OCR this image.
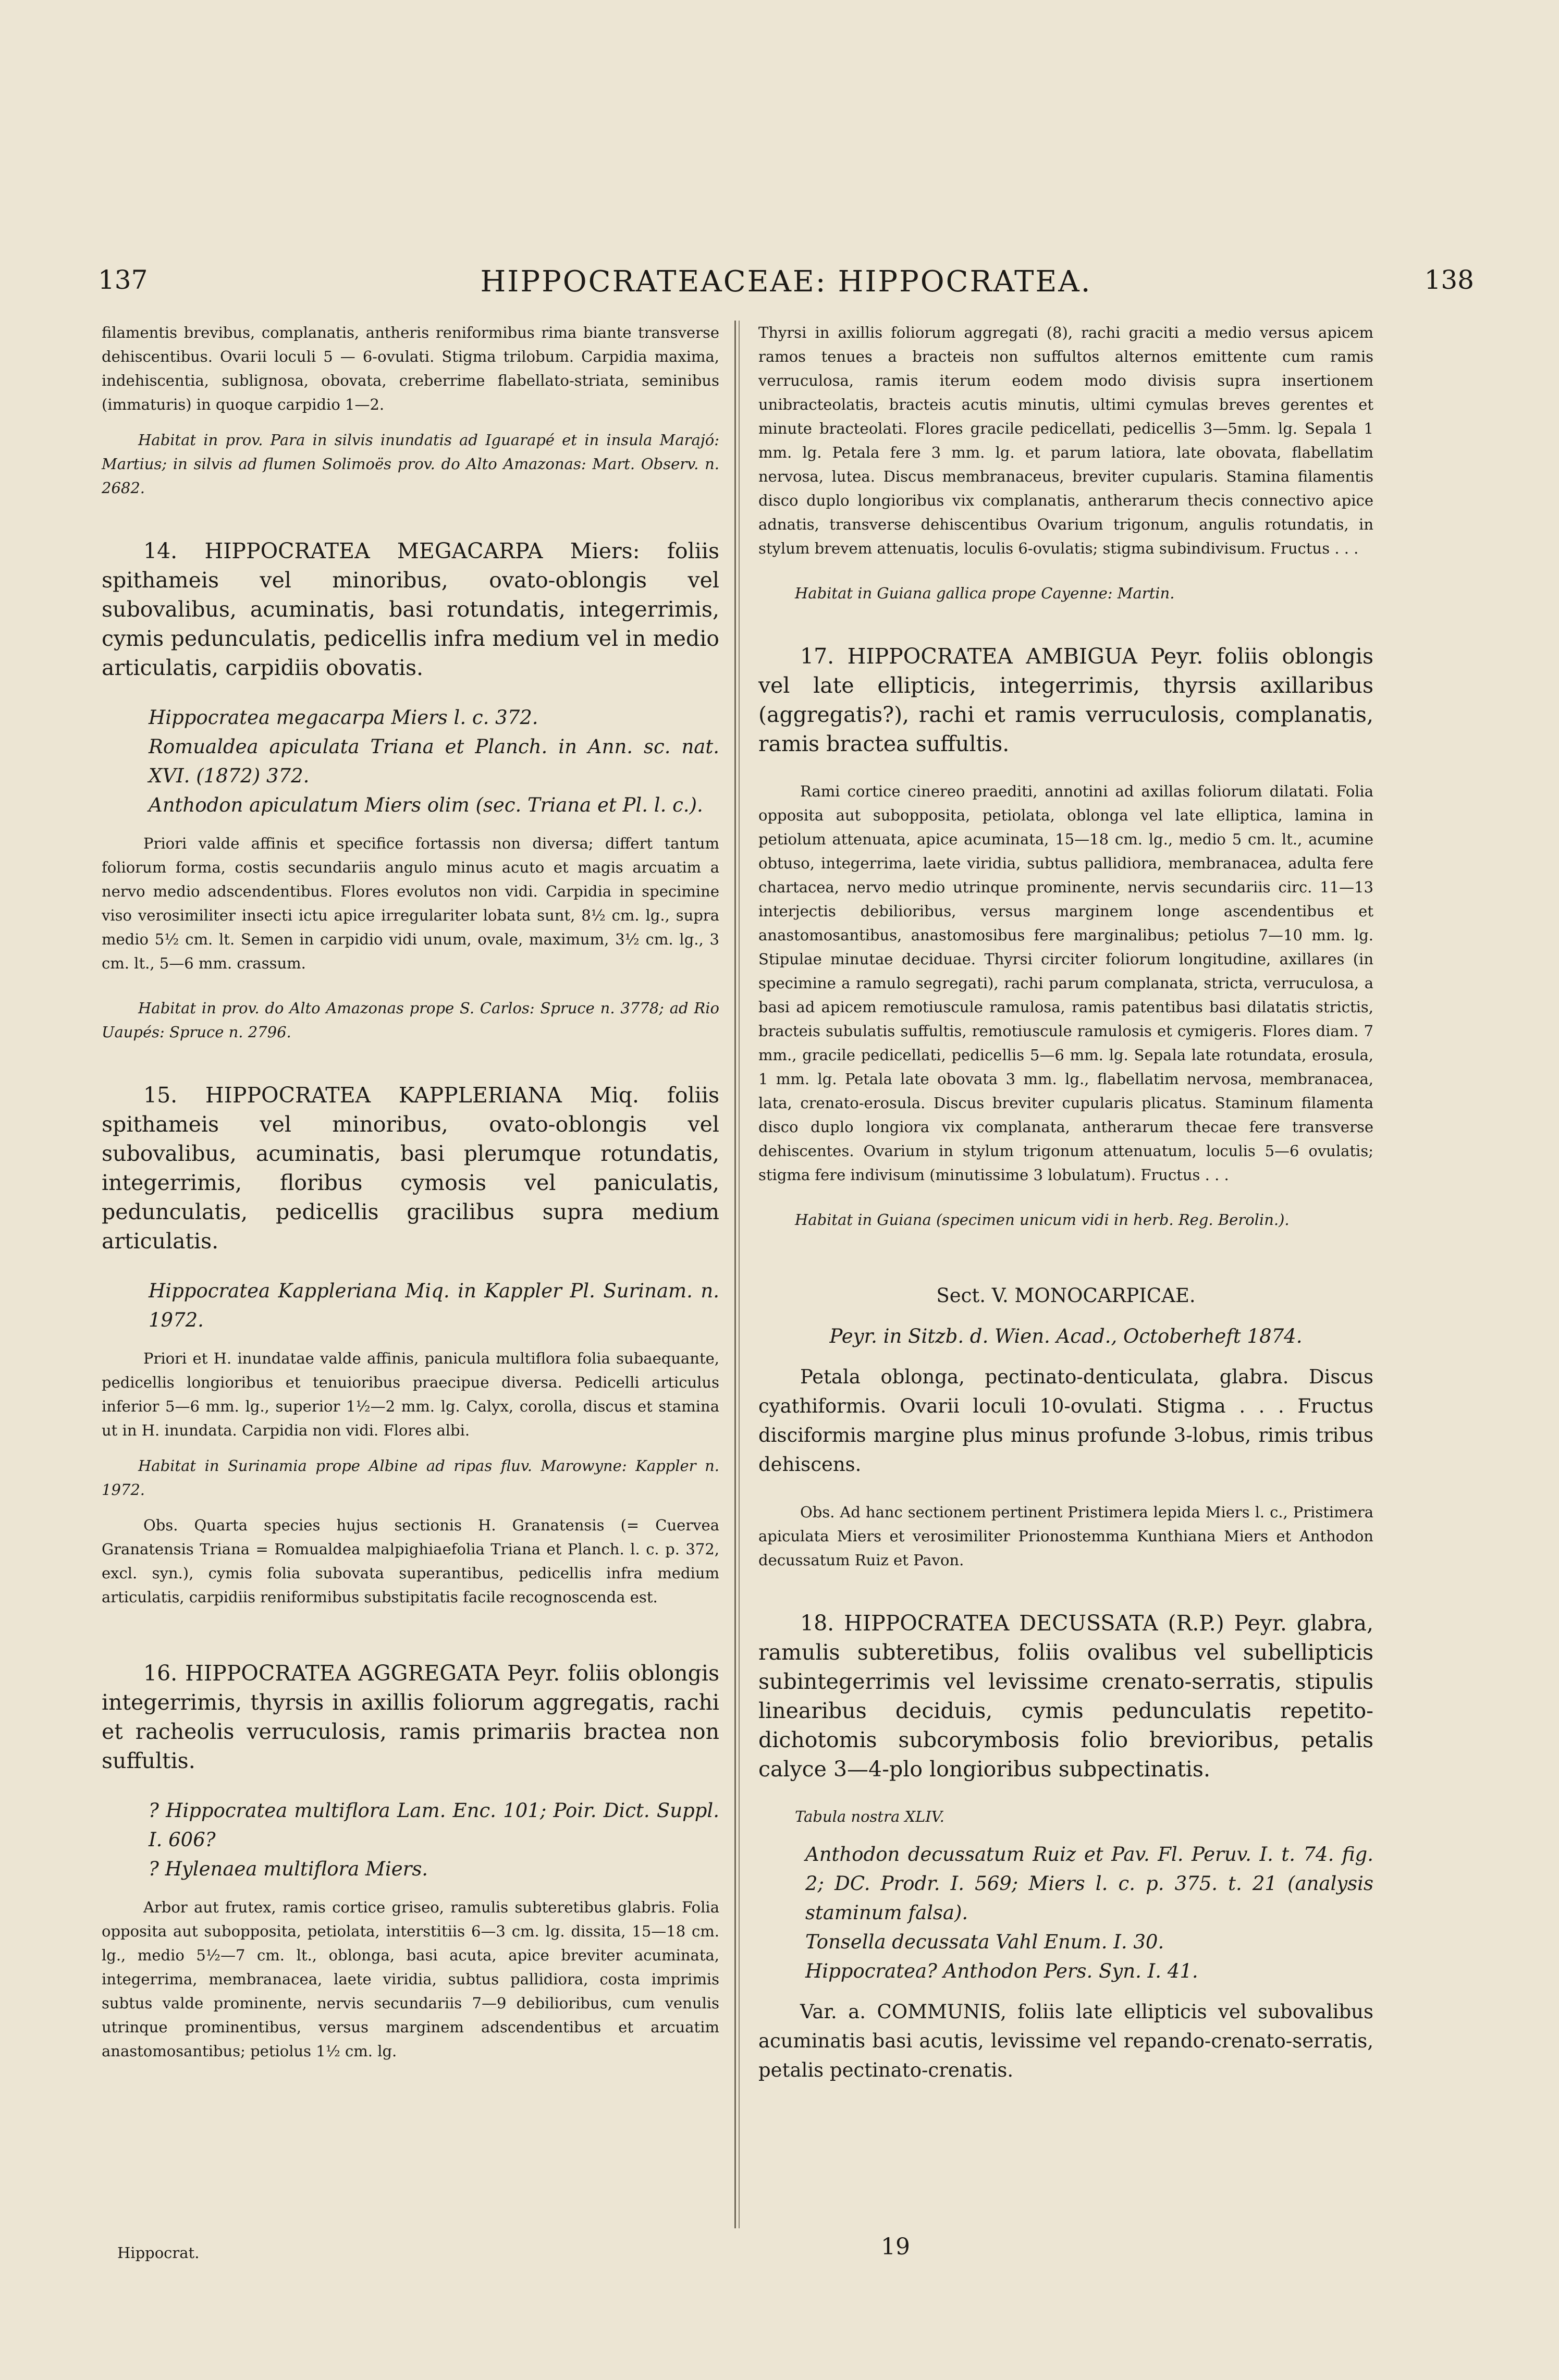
137	HIPPOCRATEACEAE: HIPPOCRATEA.	138

filamentis brevibus, complanatis, antheris reniformibus rima biante transverse dehiscentibus. Ovarii loculi 5 — 6-ovulati. Stigma trilobum. Carpidia maxima, indehiscentia, sublignosa, obovata, creberrime flabellato-striata, seminibus (immaturis) in quoque carpidio 1—2.

Habitat in prov. Para in silvis inundatis ad Iguarapé et in insula Marajó: Martius; in silvis ad flumen Solimoës prov. do Alto Amazonas: Mart. Observ. n. 2682.

14. HIPPOCRATEA MEGACARPA Miers: foliis spithameis vel minoribus, ovato-oblongis vel subovalibus, acuminatis, basi rotundatis, integerrimis, cymis pedunculatis, pedicellis infra medium vel in medio articulatis, carpidiis obovatis.

Hippocratea megacarpa Miers l. c. 372.

Romualdea apiculata Triana et Planch. in Ann. sc. nat. XVI. (1872) 372.

Anthodon apiculatum Miers olim (sec. Triana et Pl. l. c.).

Priori valde affinis et specifice fortassis non diversa; differt tantum foliorum forma, costis secundariis angulo minus acuto et magis arcuatim a nervo medio adscendentibus. Flores evolutos non vidi. Carpidia in specimine viso verosimiliter insecti ictu apice irregulariter lobata sunt, 8½ cm. lg., supra medio 5½ cm. lt. Semen in carpidio vidi unum, ovale, maximum, 3½ cm. lg., 3 cm. lt., 5—6 mm. crassum.

Habitat in prov. do Alto Amazonas prope S. Carlos: Spruce n. 3778; ad Rio Uaupés: Spruce n. 2796.

15. HIPPOCRATEA KAPPLERIANA Miq. foliis spithameis vel minoribus, ovato-oblongis vel subovalibus, acuminatis, basi plerumque rotundatis, integerrimis, floribus cymosis vel paniculatis, pedunculatis, pedicellis gracilibus supra medium articulatis.

Hippocratea Kappleriana Miq. in Kappler Pl. Surinam. n. 1972.

Priori et H. inundatae valde affinis, panicula multiflora folia subaequante, pedicellis longioribus et tenuioribus praecipue diversa. Pedicelli articulus inferior 5—6 mm. lg., superior 1½—2 mm. lg. Calyx, corolla, discus et stamina ut in H. inundata. Carpidia non vidi. Flores albi.

Habitat in Surinamia prope Albine ad ripas fluv. Marowyne: Kappler n. 1972.

Obs. Quarta species hujus sectionis H. Granatensis (= Cuervea Granatensis Triana = Romualdea malpighiaefolia Triana et Planch. l. c. p. 372, excl. syn.), cymis folia subovata superantibus, pedicellis infra medium articulatis, carpidiis reniformibus substipitatis facile recognoscenda est.

16. HIPPOCRATEA AGGREGATA Peyr. foliis oblongis integerrimis, thyrsis in axillis foliorum aggregatis, rachi et racheolis verruculosis, ramis primariis bractea non suffultis.

? Hippocratea multiflora Lam. Enc. 101; Poir. Dict. Suppl. I. 606?

? Hylenaea multiflora Miers.

Arbor aut frutex, ramis cortice griseo, ramulis subteretibus glabris. Folia opposita aut subopposita, petiolata, interstitiis 6—3 cm. lg. dissita, 15—18 cm. lg., medio 5½—7 cm. lt., oblonga, basi acuta, apice breviter acuminata, integerrima, membranacea, laete viridia, subtus pallidiora, costa imprimis subtus valde prominente, nervis secundariis 7—9 debilioribus, cum venulis utrinque prominentibus, versus marginem adscendentibus et arcuatim anastomosantibus; petiolus 1½ cm. lg.

Thyrsi in axillis foliorum aggregati (8), rachi graciti a medio versus apicem ramos tenues a bracteis non suffultos alternos emittente cum ramis verruculosa, ramis iterum eodem modo divisis supra insertionem unibracteolatis, bracteis acutis minutis, ultimi cymulas breves gerentes et minute bracteolati. Flores gracile pedicellati, pedicellis 3—5mm. lg. Sepala 1 mm. lg. Petala fere 3 mm. lg. et parum latiora, late obovata, flabellatim nervosa, lutea. Discus membranaceus, breviter cupularis. Stamina filamentis disco duplo longioribus vix complanatis, antherarum thecis connectivo apice adnatis, transverse dehiscentibus Ovarium trigonum, angulis rotundatis, in stylum brevem attenuatis, loculis 6-ovulatis; stigma subindivisum. Fructus . . .

Habitat in Guiana gallica prope Cayenne: Martin.

17. HIPPOCRATEA AMBIGUA Peyr. foliis oblongis vel late ellipticis, integerrimis, thyrsis axillaribus (aggregatis?), rachi et ramis verruculosis, complanatis, ramis bractea suffultis.

Rami cortice cinereo praediti, annotini ad axillas foliorum dilatati. Folia opposita aut subopposita, petiolata, oblonga vel late elliptica, lamina in petiolum attenuata, apice acuminata, 15—18 cm. lg., medio 5 cm. lt., acumine obtuso, integerrima, laete viridia, subtus pallidiora, membranacea, adulta fere chartacea, nervo medio utrinque prominente, nervis secundariis circ. 11—13 interjectis debilioribus, versus marginem longe ascendentibus et anastomosantibus, anastomosibus fere marginalibus; petiolus 7—10 mm. lg. Stipulae minutae deciduae. Thyrsi circiter foliorum longitudine, axillares (in specimine a ramulo segregati), rachi parum complanata, stricta, verruculosa, a basi ad apicem remotiuscule ramulosa, ramis patentibus basi dilatatis strictis, bracteis subulatis suffultis, remotiuscule ramulosis et cymigeris. Flores diam. 7 mm., gracile pedicellati, pedicellis 5—6 mm. lg. Sepala late rotundata, erosula, 1 mm. lg. Petala late obovata 3 mm. lg., flabellatim nervosa, membranacea, lata, crenato-erosula. Discus breviter cupularis plicatus. Staminum filamenta disco duplo longiora vix complanata, antherarum thecae fere transverse dehiscentes. Ovarium in stylum trigonum attenuatum, loculis 5—6 ovulatis; stigma fere indivisum (minutissime 3 lobulatum). Fructus . . .

Habitat in Guiana (specimen unicum vidi in herb. Reg. Berolin.).

Sect. V. MONOCARPICAE.

Peyr. in Sitzb. d. Wien. Acad., Octoberheft 1874.

Petala oblonga, pectinato-denticulata, glabra. Discus cyathiformis. Ovarii loculi 10-ovulati. Stigma . . . Fructus disciformis margine plus minus profunde 3-lobus, rimis tribus dehiscens.

Obs. Ad hanc sectionem pertinent Pristimera lepida Miers l. c., Pristimera apiculata Miers et verosimiliter Prionostemma Kunthiana Miers et Anthodon decussatum Ruiz et Pavon.

18. HIPPOCRATEA DECUSSATA (R.P.) Peyr. glabra, ramulis subteretibus, foliis ovalibus vel subellipticis subintegerrimis vel levissime crenato-serratis, stipulis linearibus deciduis, cymis pedunculatis repetito-dichotomis subcorymbosis folio brevioribus, petalis calyce 3—4-plo longioribus subpectinatis.

Tabula nostra XLIV.

Anthodon decussatum Ruiz et Pav. Fl. Peruv. I. t. 74. fig. 2; DC. Prodr. I. 569; Miers l. c. p. 375. t. 21 (analysis staminum falsa).

Tonsella decussata Vahl Enum. I. 30.

Hippocratea? Anthodon Pers. Syn. I. 41.

Var. a. COMMUNIS, foliis late ellipticis vel subovalibus acuminatis basi acutis, levissime vel repando-crenato-serratis, petalis pectinato-crenatis.

Hippocrat.	19
